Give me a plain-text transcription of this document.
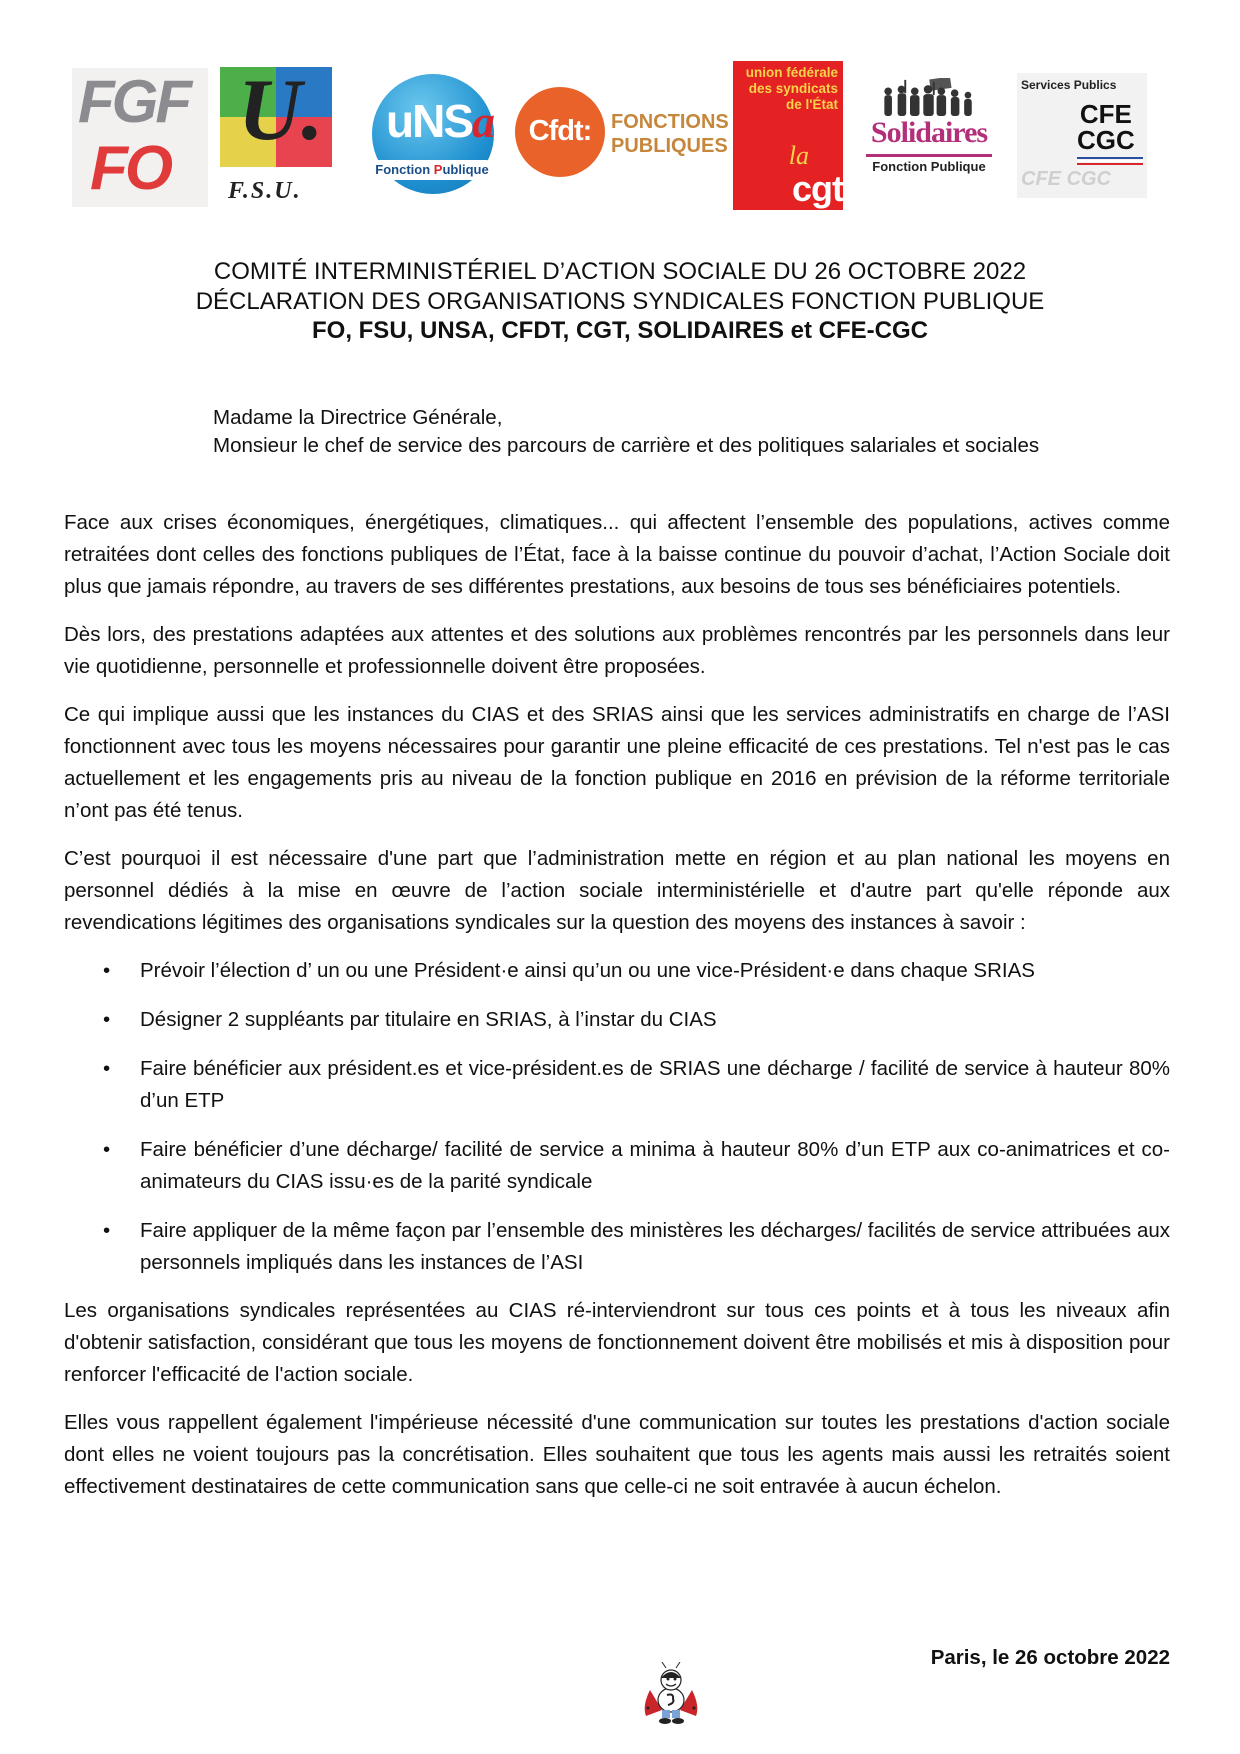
FGF
FO
U.
F.S.U.
uNSa
Fonction Publique
Cfdt: FONCTIONS
PUBLIQUES
union fédérale
des syndicats
de l'État
la
cgt
Solidaires
Fonction Publique
Services Publics
CFE
CGC
CFE CGC
COMITÉ INTERMINISTÉRIEL D’ACTION SOCIALE DU 26 OCTOBRE 2022
DÉCLARATION DES ORGANISATIONS SYNDICALES FONCTION PUBLIQUE
FO, FSU, UNSA, CFDT, CGT, SOLIDAIRES et CFE-CGC
Madame la Directrice Générale,
Monsieur le chef de service des parcours de carrière et des politiques salariales et sociales

Face aux crises économiques, énergétiques, climatiques... qui affectent l’ensemble des populations, actives comme retraitées dont celles des fonctions publiques de l’État, face à la baisse continue du pouvoir d’achat, l’Action Sociale doit plus que jamais répondre, au travers de ses différentes prestations, aux besoins de tous ses bénéficiaires potentiels.

Dès lors, des prestations adaptées aux attentes et des solutions aux problèmes rencontrés par les personnels dans leur vie quotidienne, personnelle et professionnelle doivent être proposées.

Ce qui implique aussi que les instances du CIAS et des SRIAS ainsi que les services administratifs en charge de l’ASI fonctionnent avec tous les moyens nécessaires pour garantir une pleine efficacité de ces prestations. Tel n'est pas le cas actuellement et les engagements pris au niveau de la fonction publique en 2016 en prévision de la réforme territoriale n’ont pas été tenus.

C’est pourquoi il est nécessaire d'une part que l’administration mette en région et au plan national les moyens en personnel dédiés à la mise en œuvre de l’action sociale interministérielle et d'autre part qu'elle réponde aux revendications légitimes des organisations syndicales sur la question des moyens des instances à savoir :

• Prévoir l’élection d’ un ou une Président·e ainsi qu’un ou une vice-Président·e dans chaque SRIAS
• Désigner 2 suppléants par titulaire en SRIAS, à l’instar du CIAS
• Faire bénéficier aux président.es et vice-président.es de SRIAS une décharge / facilité de service à hauteur 80% d’un ETP
• Faire bénéficier d’une décharge/ facilité de service a minima à hauteur 80% d’un ETP aux co-animatrices et co-animateurs du CIAS issu·es de la parité syndicale
• Faire appliquer de la même façon par l’ensemble des ministères les décharges/ facilités de service attribuées aux personnels impliqués dans les instances de l’ASI

Les organisations syndicales représentées au CIAS ré-interviendront sur tous ces points et à tous les niveaux afin d'obtenir satisfaction, considérant que tous les moyens de fonctionnement doivent être mobilisés et mis à disposition pour renforcer l'efficacité de l'action sociale.

Elles vous rappellent également l'impérieuse nécessité d'une communication sur toutes les prestations d'action sociale dont elles ne voient toujours pas la concrétisation. Elles souhaitent que tous les agents mais aussi les retraités soient effectivement destinataires de cette communication sans que celle-ci ne soit entravée à aucun échelon.

Paris, le 26 octobre 2022
